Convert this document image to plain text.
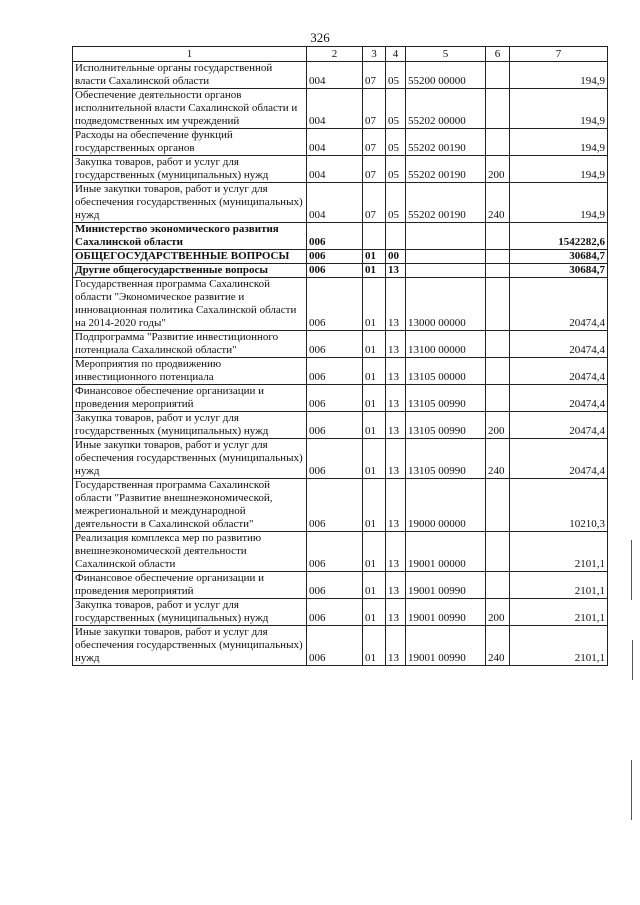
326
1	2	3	4	5	6	7
Исполнительные органы государственной власти Сахалинской области	004	07	05	55200 00000		194,9
Обеспечение деятельности органов исполнительной власти Сахалинской области и подведомственных им учреждений	004	07	05	55202 00000		194,9
Расходы на обеспечение функций государственных органов	004	07	05	55202 00190		194,9
Закупка товаров, работ и услуг для государственных (муниципальных) нужд	004	07	05	55202 00190	200	194,9
Иные закупки товаров, работ и услуг для обеспечения государственных (муниципальных) нужд	004	07	05	55202 00190	240	194,9
Министерство экономического развития Сахалинской области	006					1542282,6
ОБЩЕГОСУДАРСТВЕННЫЕ ВОПРОСЫ	006	01	00			30684,7
Другие общегосударственные вопросы	006	01	13			30684,7
Государственная программа Сахалинской области "Экономическое развитие и инновационная политика Сахалинской области на 2014-2020 годы"	006	01	13	13000 00000		20474,4
Подпрограмма "Развитие инвестиционного потенциала Сахалинской области"	006	01	13	13100 00000		20474,4
Мероприятия по продвижению инвестиционного потенциала	006	01	13	13105 00000		20474,4
Финансовое обеспечение организации и проведения мероприятий	006	01	13	13105 00990		20474,4
Закупка товаров, работ и услуг для государственных (муниципальных) нужд	006	01	13	13105 00990	200	20474,4
Иные закупки товаров, работ и услуг для обеспечения государственных (муниципальных) нужд	006	01	13	13105 00990	240	20474,4
Государственная программа Сахалинской области "Развитие внешнеэкономической, межрегиональной и международной деятельности в Сахалинской области"	006	01	13	19000 00000		10210,3
Реализация комплекса мер по развитию внешнеэкономической деятельности Сахалинской области	006	01	13	19001 00000		2101,1
Финансовое обеспечение организации и проведения мероприятий	006	01	13	19001 00990		2101,1
Закупка товаров, работ и услуг для государственных (муниципальных) нужд	006	01	13	19001 00990	200	2101,1
Иные закупки товаров, работ и услуг для обеспечения государственных (муниципальных) нужд	006	01	13	19001 00990	240	2101,1
